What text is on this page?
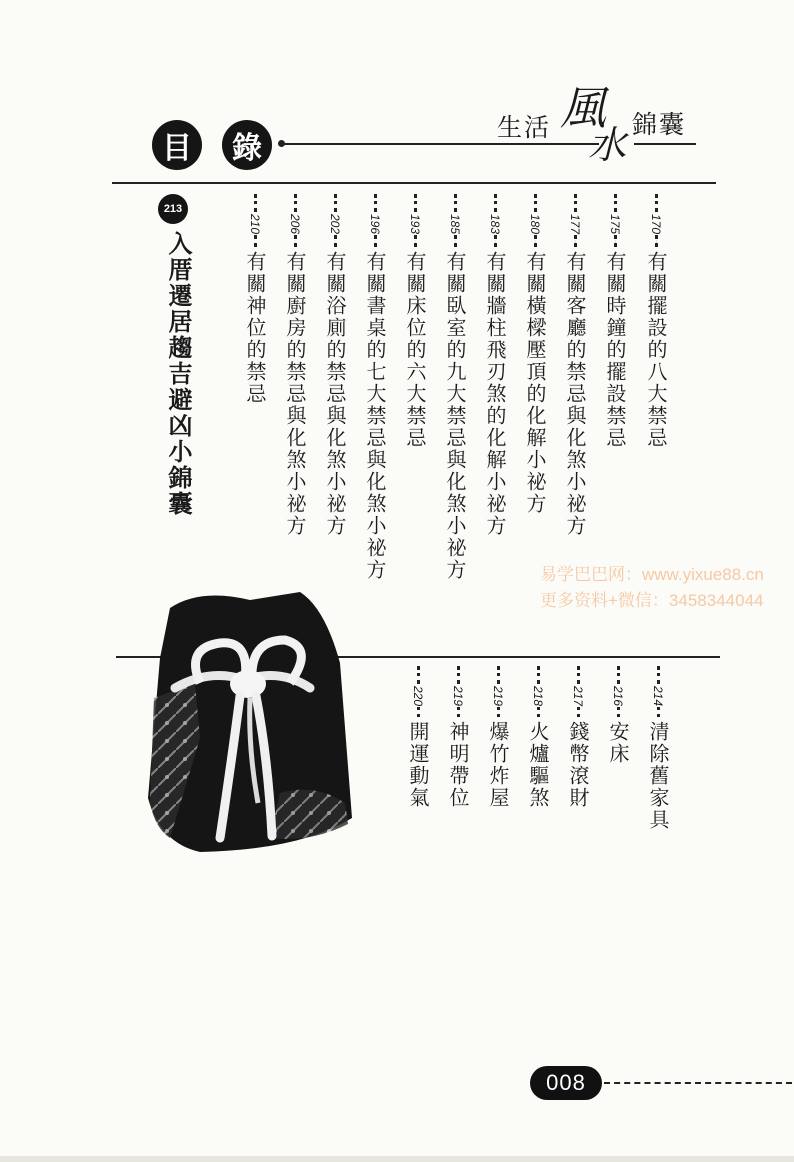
目	錄
生活 風
水 錦囊
213
入厝遷居趨吉避凶小錦囊
170
有關擺設的八大禁忌
175
有關時鐘的擺設禁忌
177
有關客廳的禁忌與化煞小祕方
180
有關橫樑壓頂的化解小祕方
183
有關牆柱飛刃煞的化解小祕方
185
有關臥室的九大禁忌與化煞小祕方
193
有關床位的六大禁忌
196
有關書桌的七大禁忌與化煞小祕方
202
有關浴廁的禁忌與化煞小祕方
206
有關廚房的禁忌與化煞小祕方
210
有關神位的禁忌
易学巴巴网：www.yixue88.cn
更多资料+微信：3458344044
214
清除舊家具
216
安床
217
錢幣滾財
218
火爐驅煞
219
爆竹炸屋
219
神明帶位
220
開運動氣
008
